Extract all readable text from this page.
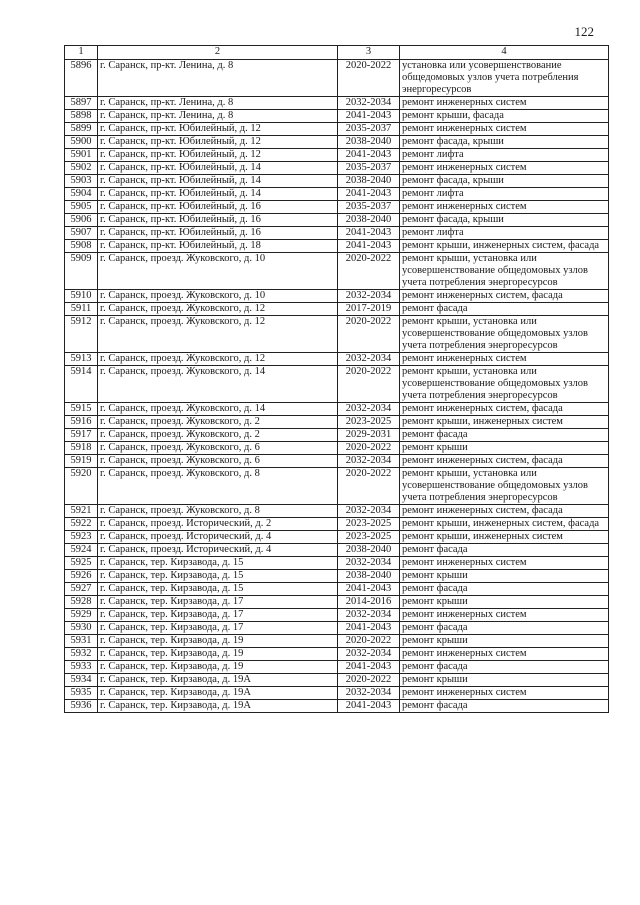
122
1	2	3	4
5896	г. Саранск, пр-кт. Ленина, д. 8	2020-2022	установка или усовершенствование общедомовых узлов учета потребления энергоресурсов
5897	г. Саранск, пр-кт. Ленина, д. 8	2032-2034	ремонт инженерных систем
5898	г. Саранск, пр-кт. Ленина, д. 8	2041-2043	ремонт крыши, фасада
5899	г. Саранск, пр-кт. Юбилейный, д. 12	2035-2037	ремонт инженерных систем
5900	г. Саранск, пр-кт. Юбилейный, д. 12	2038-2040	ремонт фасада, крыши
5901	г. Саранск, пр-кт. Юбилейный, д. 12	2041-2043	ремонт лифта
5902	г. Саранск, пр-кт. Юбилейный, д. 14	2035-2037	ремонт инженерных систем
5903	г. Саранск, пр-кт. Юбилейный, д. 14	2038-2040	ремонт фасада, крыши
5904	г. Саранск, пр-кт. Юбилейный, д. 14	2041-2043	ремонт лифта
5905	г. Саранск, пр-кт. Юбилейный, д. 16	2035-2037	ремонт инженерных систем
5906	г. Саранск, пр-кт. Юбилейный, д. 16	2038-2040	ремонт фасада, крыши
5907	г. Саранск, пр-кт. Юбилейный, д. 16	2041-2043	ремонт лифта
5908	г. Саранск, пр-кт. Юбилейный, д. 18	2041-2043	ремонт крыши, инженерных систем, фасада
5909	г. Саранск, проезд. Жуковского, д. 10	2020-2022	ремонт крыши, установка или усовершенствование общедомовых узлов учета потребления энергоресурсов
5910	г. Саранск, проезд. Жуковского, д. 10	2032-2034	ремонт инженерных систем, фасада
5911	г. Саранск, проезд. Жуковского, д. 12	2017-2019	ремонт фасада
5912	г. Саранск, проезд. Жуковского, д. 12	2020-2022	ремонт крыши, установка или усовершенствование общедомовых узлов учета потребления энергоресурсов
5913	г. Саранск, проезд. Жуковского, д. 12	2032-2034	ремонт инженерных систем
5914	г. Саранск, проезд. Жуковского, д. 14	2020-2022	ремонт крыши, установка или усовершенствование общедомовых узлов учета потребления энергоресурсов
5915	г. Саранск, проезд. Жуковского, д. 14	2032-2034	ремонт инженерных систем, фасада
5916	г. Саранск, проезд. Жуковского, д. 2	2023-2025	ремонт крыши, инженерных систем
5917	г. Саранск, проезд. Жуковского, д. 2	2029-2031	ремонт фасада
5918	г. Саранск, проезд. Жуковского, д. 6	2020-2022	ремонт крыши
5919	г. Саранск, проезд. Жуковского, д. 6	2032-2034	ремонт инженерных систем, фасада
5920	г. Саранск, проезд. Жуковского, д. 8	2020-2022	ремонт крыши, установка или усовершенствование общедомовых узлов учета потребления энергоресурсов
5921	г. Саранск, проезд. Жуковского, д. 8	2032-2034	ремонт инженерных систем, фасада
5922	г. Саранск, проезд. Исторический, д. 2	2023-2025	ремонт крыши, инженерных систем, фасада
5923	г. Саранск, проезд. Исторический, д. 4	2023-2025	ремонт крыши, инженерных систем
5924	г. Саранск, проезд. Исторический, д. 4	2038-2040	ремонт фасада
5925	г. Саранск, тер. Кирзавода, д. 15	2032-2034	ремонт инженерных систем
5926	г. Саранск, тер. Кирзавода, д. 15	2038-2040	ремонт крыши
5927	г. Саранск, тер. Кирзавода, д. 15	2041-2043	ремонт фасада
5928	г. Саранск, тер. Кирзавода, д. 17	2014-2016	ремонт крыши
5929	г. Саранск, тер. Кирзавода, д. 17	2032-2034	ремонт инженерных систем
5930	г. Саранск, тер. Кирзавода, д. 17	2041-2043	ремонт фасада
5931	г. Саранск, тер. Кирзавода, д. 19	2020-2022	ремонт крыши
5932	г. Саранск, тер. Кирзавода, д. 19	2032-2034	ремонт инженерных систем
5933	г. Саранск, тер. Кирзавода, д. 19	2041-2043	ремонт фасада
5934	г. Саранск, тер. Кирзавода, д. 19А	2020-2022	ремонт крыши
5935	г. Саранск, тер. Кирзавода, д. 19А	2032-2034	ремонт инженерных систем
5936	г. Саранск, тер. Кирзавода, д. 19А	2041-2043	ремонт фасада
